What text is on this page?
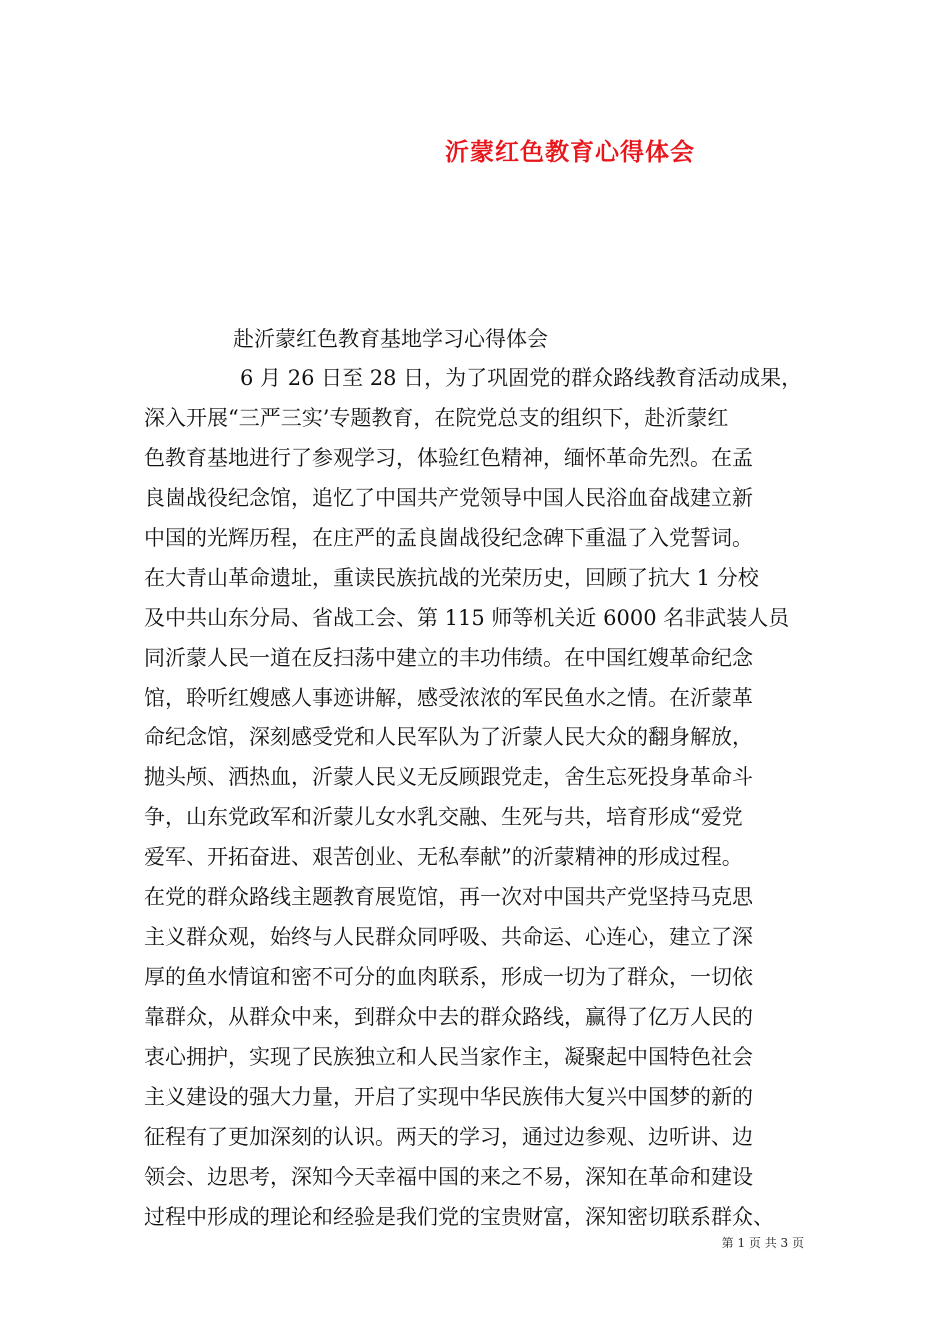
沂蒙红色教育心得体会
赴沂蒙红色教育基地学习心得体会
6 月 26 日至 28 日，为了巩固党的群众路线教育活动成果，
深入开展“三严三实’专题教育，在院党总支的组织下，赴沂蒙红
色教育基地进行了参观学习，体验红色精神，缅怀革命先烈。在孟
良崮战役纪念馆，追忆了中国共产党领导中国人民浴血奋战建立新
中国的光辉历程，在庄严的孟良崮战役纪念碑下重温了入党誓词。
在大青山革命遗址，重读民族抗战的光荣历史，回顾了抗大 1 分校
及中共山东分局、省战工会、第 115 师等机关近 6000 名非武装人员
同沂蒙人民一道在反扫荡中建立的丰功伟绩。在中国红嫂革命纪念
馆，聆听红嫂感人事迹讲解，感受浓浓的军民鱼水之情。在沂蒙革
命纪念馆，深刻感受党和人民军队为了沂蒙人民大众的翻身解放，
抛头颅、洒热血，沂蒙人民义无反顾跟党走，舍生忘死投身革命斗
争，山东党政军和沂蒙儿女水乳交融、生死与共，培育形成“爱党
爱军、开拓奋进、艰苦创业、无私奉献”的沂蒙精神的形成过程。
在党的群众路线主题教育展览馆，再一次对中国共产党坚持马克思
主义群众观，始终与人民群众同呼吸、共命运、心连心，建立了深
厚的鱼水情谊和密不可分的血肉联系，形成一切为了群众，一切依
靠群众，从群众中来，到群众中去的群众路线，赢得了亿万人民的
衷心拥护，实现了民族独立和人民当家作主，凝聚起中国特色社会
主义建设的强大力量，开启了实现中华民族伟大复兴中国梦的新的
征程有了更加深刻的认识。两天的学习，通过边参观、边听讲、边
领会、边思考，深知今天幸福中国的来之不易，深知在革命和建设
过程中形成的理论和经验是我们党的宝贵财富，深知密切联系群众、
第 1 页 共 3 页
